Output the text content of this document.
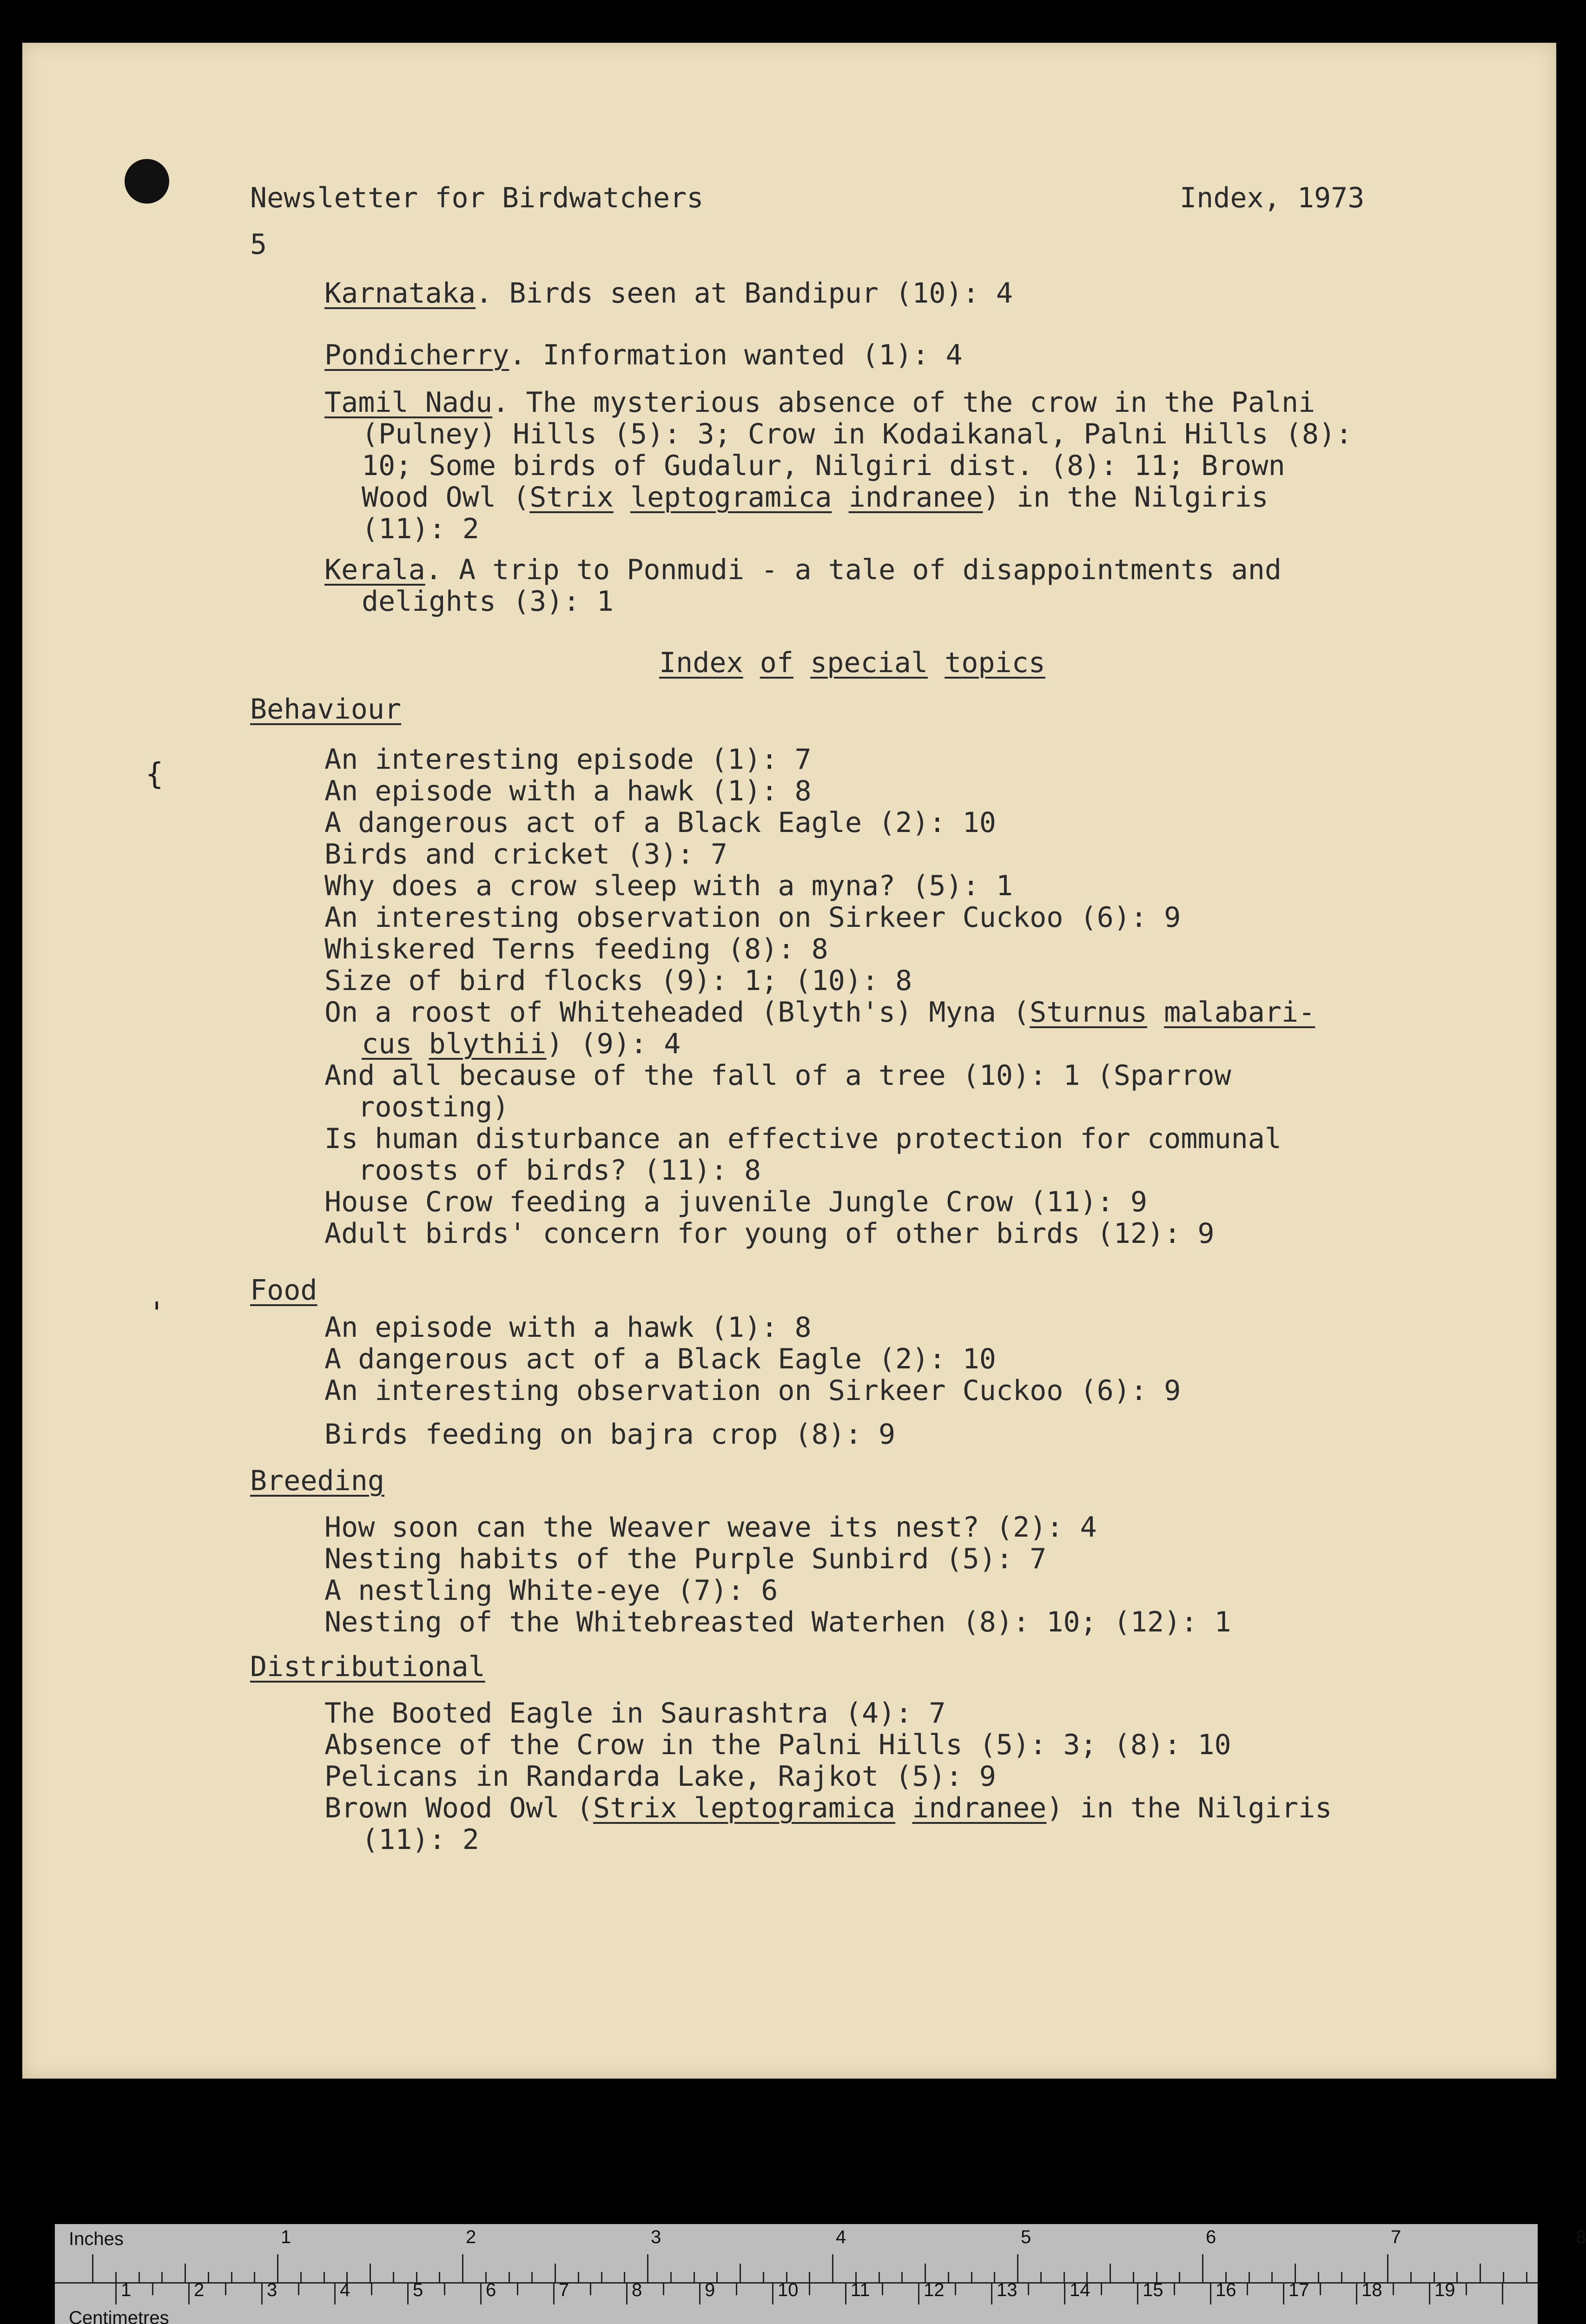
Newsletter for Birdwatchers	Index, 1973
5
Karnataka. Birds seen at Bandipur (10): 4
Pondicherry. Information wanted (1): 4
Tamil Nadu. The mysterious absence of the crow in the Palni
(Pulney) Hills (5): 3; Crow in Kodaikanal, Palni Hills (8):
10; Some birds of Gudalur, Nilgiri dist. (8): 11; Brown
Wood Owl (Strix leptogramica indranee) in the Nilgiris
(11): 2
Kerala. A trip to Ponmudi - a tale of disappointments and
delights (3): 1
Index of special topics
Behaviour
An interesting episode (1): 7
An episode with a hawk (1): 8
A dangerous act of a Black Eagle (2): 10
Birds and cricket (3): 7
Why does a crow sleep with a myna? (5): 1
An interesting observation on Sirkeer Cuckoo (6): 9
Whiskered Terns feeding (8): 8
Size of bird flocks (9): 1; (10): 8
On a roost of Whiteheaded (Blyth's) Myna (Sturnus malabari-
cus blythii) (9): 4
And all because of the fall of a tree (10): 1 (Sparrow
roosting)
Is human disturbance an effective protection for communal
roosts of birds? (11): 8
House Crow feeding a juvenile Jungle Crow (11): 9
Adult birds' concern for young of other birds (12): 9
Food
An episode with a hawk (1): 8
A dangerous act of a Black Eagle (2): 10
An interesting observation on Sirkeer Cuckoo (6): 9
Birds feeding on bajra crop (8): 9
Breeding
How soon can the Weaver weave its nest? (2): 4
Nesting habits of the Purple Sunbird (5): 7
A nestling White-eye (7): 6
Nesting of the Whitebreasted Waterhen (8): 10; (12): 1
Distributional
The Booted Eagle in Saurashtra (4): 7
Absence of the Crow in the Palni Hills (5): 3; (8): 10
Pelicans in Randarda Lake, Rajkot (5): 9
Brown Wood Owl (Strix leptogramica indranee) in the Nilgiris
(11): 2
{
'
Inches
Centimetres
1	2	3	4	5	6	7	8
1	2	3	4	5	6	7	8	9	10	11	12	13	14	15	16	17	18	19
